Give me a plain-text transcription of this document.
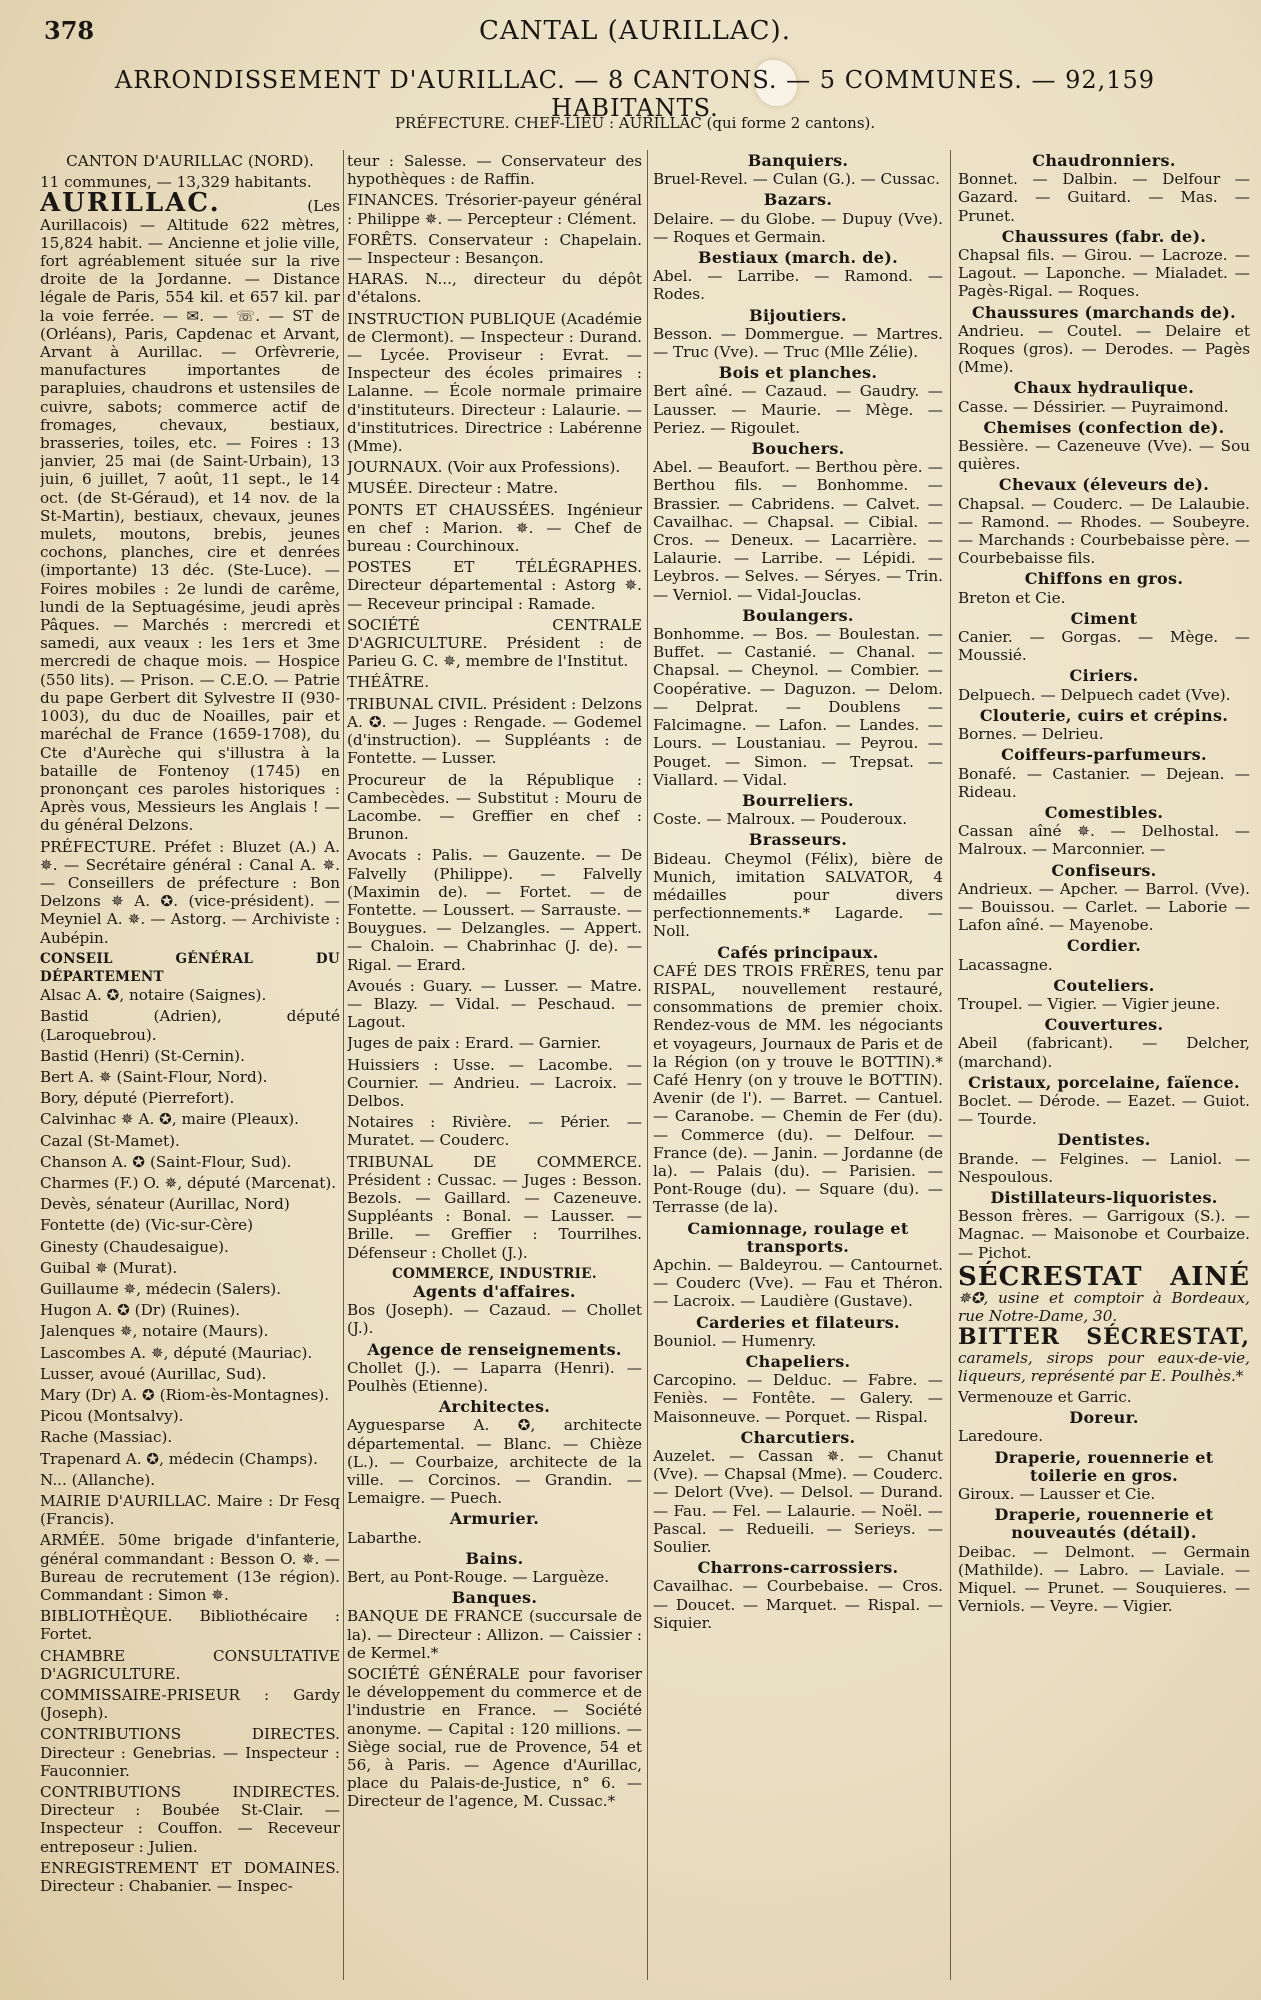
378	CANTAL (AURILLAC).
ARRONDISSEMENT D'AURILLAC. — 8 CANTONS. — 5 COMMUNES. — 92,159 HABITANTS.
PRÉFECTURE. CHEF-LIEU : AURILLAC (qui forme 2 cantons).

CANTON D'AURILLAC (NORD).

11 communes, — 13,329 habitants.

AURILLAC.	(Les Aurillacois) — Altitude 622 mètres, 15,824 habit. — Ancienne et jolie ville, fort agréablement située sur la rive droite de la Jordanne. — Distance légale de Paris, 554 kil. et 657 kil. par la voie ferrée. — ✉. — ☏. — ST de (Orléans), Paris, Capdenac et Arvant, Arvant à Aurillac. — Orfèvrerie, manufactures importantes de parapluies, chaudrons et ustensiles de cuivre, sabots; commerce actif de fromages, chevaux, bestiaux, brasseries, toiles, etc. — Foires : 13 janvier, 25 mai (de Saint-Urbain), 13 juin, 6 juillet, 7 août, 11 sept., le 14 oct. (de St-Géraud), et 14 nov. de la St-Martin), bestiaux, chevaux, jeunes mulets, moutons, brebis, jeunes cochons, planches, cire et denrées (importante) 13 déc. (Ste-Luce). — Foires mobiles : 2e lundi de carême, lundi de la Septuagésime, jeudi après Pâques. — Marchés : mercredi et samedi, aux veaux : les 1ers et 3me mercredi de chaque mois. — Hospice (550 lits). — Prison. — C.E.O. — Patrie du pape Gerbert dit Sylvestre II (930-1003), du duc de Noailles, pair et maréchal de France (1659-1708), du Cte d'Aurèche qui s'illustra à la bataille de Fontenoy (1745) en prononçant ces paroles historiques : Après vous, Messieurs les Anglais ! — du général Delzons.

PRÉFECTURE. Préfet : Bluzet (A.) A. ✵. — Secrétaire général : Canal A. ✵. — Conseillers de préfecture : Bon Delzons ✵ A. ✪. (vice-président). — Meyniel A. ✵. — Astorg. — Archiviste : Aubépin.

CONSEIL GÉNÉRAL DU DÉPARTEMENT

Alsac A. ✪, notaire (Saignes).

Bastid (Adrien), député (Laroquebrou).

Bastid (Henri) (St-Cernin).

Bert A. ✵ (Saint-Flour, Nord).

Bory, député (Pierrefort).

Calvinhac ✵ A. ✪, maire (Pleaux).

Cazal (St-Mamet).

Chanson A. ✪ (Saint-Flour, Sud).

Charmes (F.) O. ✵, député (Marcenat).

Devès, sénateur (Aurillac, Nord)

Fontette (de) (Vic-sur-Cère)

Ginesty (Chaudesaigue).

Guibal ✵ (Murat).

Guillaume ✵, médecin (Salers).

Hugon A. ✪ (Dr) (Ruines).

Jalenques ✵, notaire (Maurs).

Lascombes A. ✵, député (Mauriac).

Lusser, avoué (Aurillac, Sud).

Mary (Dr) A. ✪ (Riom-ès-Montagnes).

Picou (Montsalvy).

Rache (Massiac).

Trapenard A. ✪, médecin (Champs).

N... (Allanche).

MAIRIE D'AURILLAC. Maire : Dr Fesq (Francis).

ARMÉE. 50me brigade d'infanterie, général commandant : Besson O. ✵. — Bureau de recrutement (13e région). Commandant : Simon ✵.

BIBLIOTHÈQUE. Bibliothécaire : Fortet.

CHAMBRE CONSULTATIVE D'AGRICULTURE.

COMMISSAIRE-PRISEUR : Gardy (Joseph).

CONTRIBUTIONS DIRECTES. Directeur : Genebrias. — Inspecteur : Fauconnier.

CONTRIBUTIONS INDIRECTES. Directeur : Boubée St-Clair. — Inspecteur : Couffon. — Receveur entreposeur : Julien.

ENREGISTREMENT ET DOMAINES. Directeur : Chabanier. — Inspec-

teur : Salesse. — Conservateur des hypothèques : de Raffin.

FINANCES. Trésorier-payeur général : Philippe ✵. — Percepteur : Clément.

FORÊTS. Conservateur : Chapelain. — Inspecteur : Besançon.

HARAS. N..., directeur du dépôt d'étalons.

INSTRUCTION PUBLIQUE (Académie de Clermont). — Inspecteur : Durand. — Lycée. Proviseur : Evrat. — Inspecteur des écoles primaires : Lalanne. — École normale primaire d'instituteurs. Directeur : Lalaurie. — d'institutrices. Directrice : Labérenne (Mme).

JOURNAUX. (Voir aux Professions).

MUSÉE. Directeur : Matre.

PONTS ET CHAUSSÉES. Ingénieur en chef : Marion. ✵. — Chef de bureau : Courchinoux.

POSTES ET TÉLÉGRAPHES. Directeur départemental : Astorg ✵. — Receveur principal : Ramade.

SOCIÉTÉ CENTRALE D'AGRICULTURE. Président : de Parieu G. C. ✵, membre de l'Institut.

THÉÂTRE.

TRIBUNAL CIVIL. Président : Delzons A. ✪. — Juges : Rengade. — Godemel (d'instruction). — Suppléants : de Fontette. — Lusser.

Procureur de la République : Cambecèdes. — Substitut : Mouru de Lacombe. — Greffier en chef : Brunon.

Avocats : Palis. — Gauzente. — De Falvelly (Philippe). — Falvelly (Maximin de). — Fortet. — de Fontette. — Loussert. — Sarrauste. — Bouygues. — Delzangles. — Appert. — Chaloin. — Chabrinhac (J. de). — Rigal. — Erard.

Avoués : Guary. — Lusser. — Matre. — Blazy. — Vidal. — Peschaud. — Lagout.

Juges de paix : Erard. — Garnier.

Huissiers : Usse. — Lacombe. — Cournier. — Andrieu. — Lacroix. — Delbos.

Notaires : Rivière. — Périer. — Muratet. — Couderc.

TRIBUNAL DE COMMERCE. Président : Cussac. — Juges : Besson. Bezols. — Gaillard. — Cazeneuve. Suppléants : Bonal. — Lausser. — Brille. — Greffier : Tourrilhes. Défenseur : Chollet (J.).

COMMERCE, INDUSTRIE.

Agents d'affaires.

Bos (Joseph). — Cazaud. — Chollet (J.).

Agence de renseignements.

Chollet (J.). — Laparra (Henri). — Poulhès (Etienne).

Architectes.

Ayguesparse A. ✪, architecte départemental. — Blanc. — Chièze (L.). — Courbaize, architecte de la ville. — Corcinos. — Grandin. — Lemaigre. — Puech.

Armurier.

Labarthe.

Bains.

Bert, au Pont-Rouge. — Larguèze.

Banques.

BANQUE DE FRANCE (succursale de la). — Directeur : Allizon. — Caissier : de Kermel.*

SOCIÉTÉ GÉNÉRALE pour favoriser le développement du commerce et de l'industrie en France. — Société anonyme. — Capital : 120 millions. — Siège social, rue de Provence, 54 et 56, à Paris. — Agence d'Aurillac, place du Palais-de-Justice, n° 6. — Directeur de l'agence, M. Cussac.*

Banquiers.

Bruel-Revel. — Culan (G.). — Cussac.

Bazars.

Delaire. — du Globe. — Dupuy (Vve). — Roques et Germain.

Bestiaux (march. de).

Abel. — Larribe. — Ramond. — Rodes.

Bijoutiers.

Besson. — Dommergue. — Martres. — Truc (Vve). — Truc (Mlle Zélie).

Bois et planches.

Bert aîné. — Cazaud. — Gaudry. — Lausser. — Maurie. — Mège. — Periez. — Rigoulet.

Bouchers.

Abel. — Beaufort. — Berthou père. — Berthou fils. — Bonhomme. — Brassier. — Cabridens. — Calvet. — Cavailhac. — Chapsal. — Cibial. — Cros. — Deneux. — Lacarrière. — Lalaurie. — Larribe. — Lépidi. — Leybros. — Selves. — Séryes. — Trin. — Verniol. — Vidal-Jouclas.

Boulangers.

Bonhomme. — Bos. — Boulestan. — Buffet. — Castanié. — Chanal. — Chapsal. — Cheynol. — Combier. — Coopérative. — Daguzon. — Delom. — Delprat. — Doublens — Falcimagne. — Lafon. — Landes. — Lours. — Loustaniau. — Peyrou. — Pouget. — Simon. — Trepsat. — Viallard. — Vidal.

Bourreliers.

Coste. — Malroux. — Pouderoux.

Brasseurs.

Bideau. Cheymol (Félix), bière de Munich, imitation SALVATOR, 4 médailles pour divers perfectionnements.* Lagarde. — Noll.

Cafés principaux.

CAFÉ DES TROIS FRÈRES, tenu par RISPAL, nouvellement restauré, consommations de premier choix. Rendez-vous de MM. les négociants et voyageurs, Journaux de Paris et de la Région (on y trouve le BOTTIN).* Café Henry (on y trouve le BOTTIN). Avenir (de l'). — Barret. — Cantuel. — Caranobe. — Chemin de Fer (du). — Commerce (du). — Delfour. — France (de). — Janin. — Jordanne (de la). — Palais (du). — Parisien. — Pont-Rouge (du). — Square (du). — Terrasse (de la).

Camionnage, roulage et transports.

Apchin. — Baldeyrou. — Cantournet. — Couderc (Vve). — Fau et Théron. — Lacroix. — Laudière (Gustave).

Carderies et filateurs.

Bouniol. — Humenry.

Chapeliers.

Carcopino. — Delduc. — Fabre. — Feniès. — Fontête. — Galery. — Maisonneuve. — Porquet. — Rispal.

Charcutiers.

Auzelet. — Cassan ✵. — Chanut (Vve). — Chapsal (Mme). — Couderc. — Delort (Vve). — Delsol. — Durand. — Fau. — Fel. — Lalaurie. — Noël. — Pascal. — Redueili. — Serieys. — Soulier.

Charrons-carrossiers.

Cavailhac. — Courbebaise. — Cros. — Doucet. — Marquet. — Rispal. — Siquier.

Chaudronniers.

Bonnet. — Dalbin. — Delfour — Gazard. — Guitard. — Mas. — Prunet.

Chaussures (fabr. de).

Chapsal fils. — Girou. — Lacroze. — Lagout. — Laponche. — Mialadet. — Pagès-Rigal. — Roques.

Chaussures (marchands de).

Andrieu. — Coutel. — Delaire et Roques (gros). — Derodes. — Pagès (Mme).

Chaux hydraulique.

Casse. — Déssirier. — Puyraimond.

Chemises (confection de).

Bessière. — Cazeneuve (Vve). — Sou quières.

Chevaux (éleveurs de).

Chapsal. — Couderc. — De Lalaubie. — Ramond. — Rhodes. — Soubeyre. — Marchands : Courbebaisse père. — Courbebaisse fils.

Chiffons en gros.

Breton et Cie.

Ciment

Canier. — Gorgas. — Mège. — Moussié.

Ciriers.

Delpuech. — Delpuech cadet (Vve).

Clouterie, cuirs et crépins.

Bornes. — Delrieu.

Coiffeurs-parfumeurs.

Bonafé. — Castanier. — Dejean. — Rideau.

Comestibles.

Cassan aîné ✵. — Delhostal. — Malroux. — Marconnier. —

Confiseurs.

Andrieux. — Apcher. — Barrol. (Vve). — Bouissou. — Carlet. — Laborie — Lafon aîné. — Mayenobe.

Cordier.

Lacassagne.

Couteliers.

Troupel. — Vigier. — Vigier jeune.

Couvertures.

Abeil (fabricant). — Delcher, (marchand).

Cristaux, porcelaine, faïence.

Boclet. — Dérode. — Eazet. — Guiot. — Tourde.

Dentistes.

Brande. — Felgines. — Laniol. — Nespoulous.

Distillateurs-liquoristes.

Besson frères. — Garrigoux (S.). — Magnac. — Maisonobe et Courbaize. — Pichot.

SÉCRESTAT AINÉ ✵✪, usine et comptoir à Bordeaux, rue Notre-Dame, 30.

BITTER SÉCRESTAT, caramels, sirops pour eaux-de-vie, liqueurs, représenté par E. Poulhès.*

Vermenouze et Garric.

Doreur.

Laredoure.

Draperie, rouennerie et toilerie en gros.

Giroux. — Lausser et Cie.

Draperie, rouennerie et nouveautés (détail).

Deibac. — Delmont. — Germain (Mathilde). — Labro. — Laviale. — Miquel. — Prunet. — Souquieres. — Verniols. — Veyre. — Vigier.
